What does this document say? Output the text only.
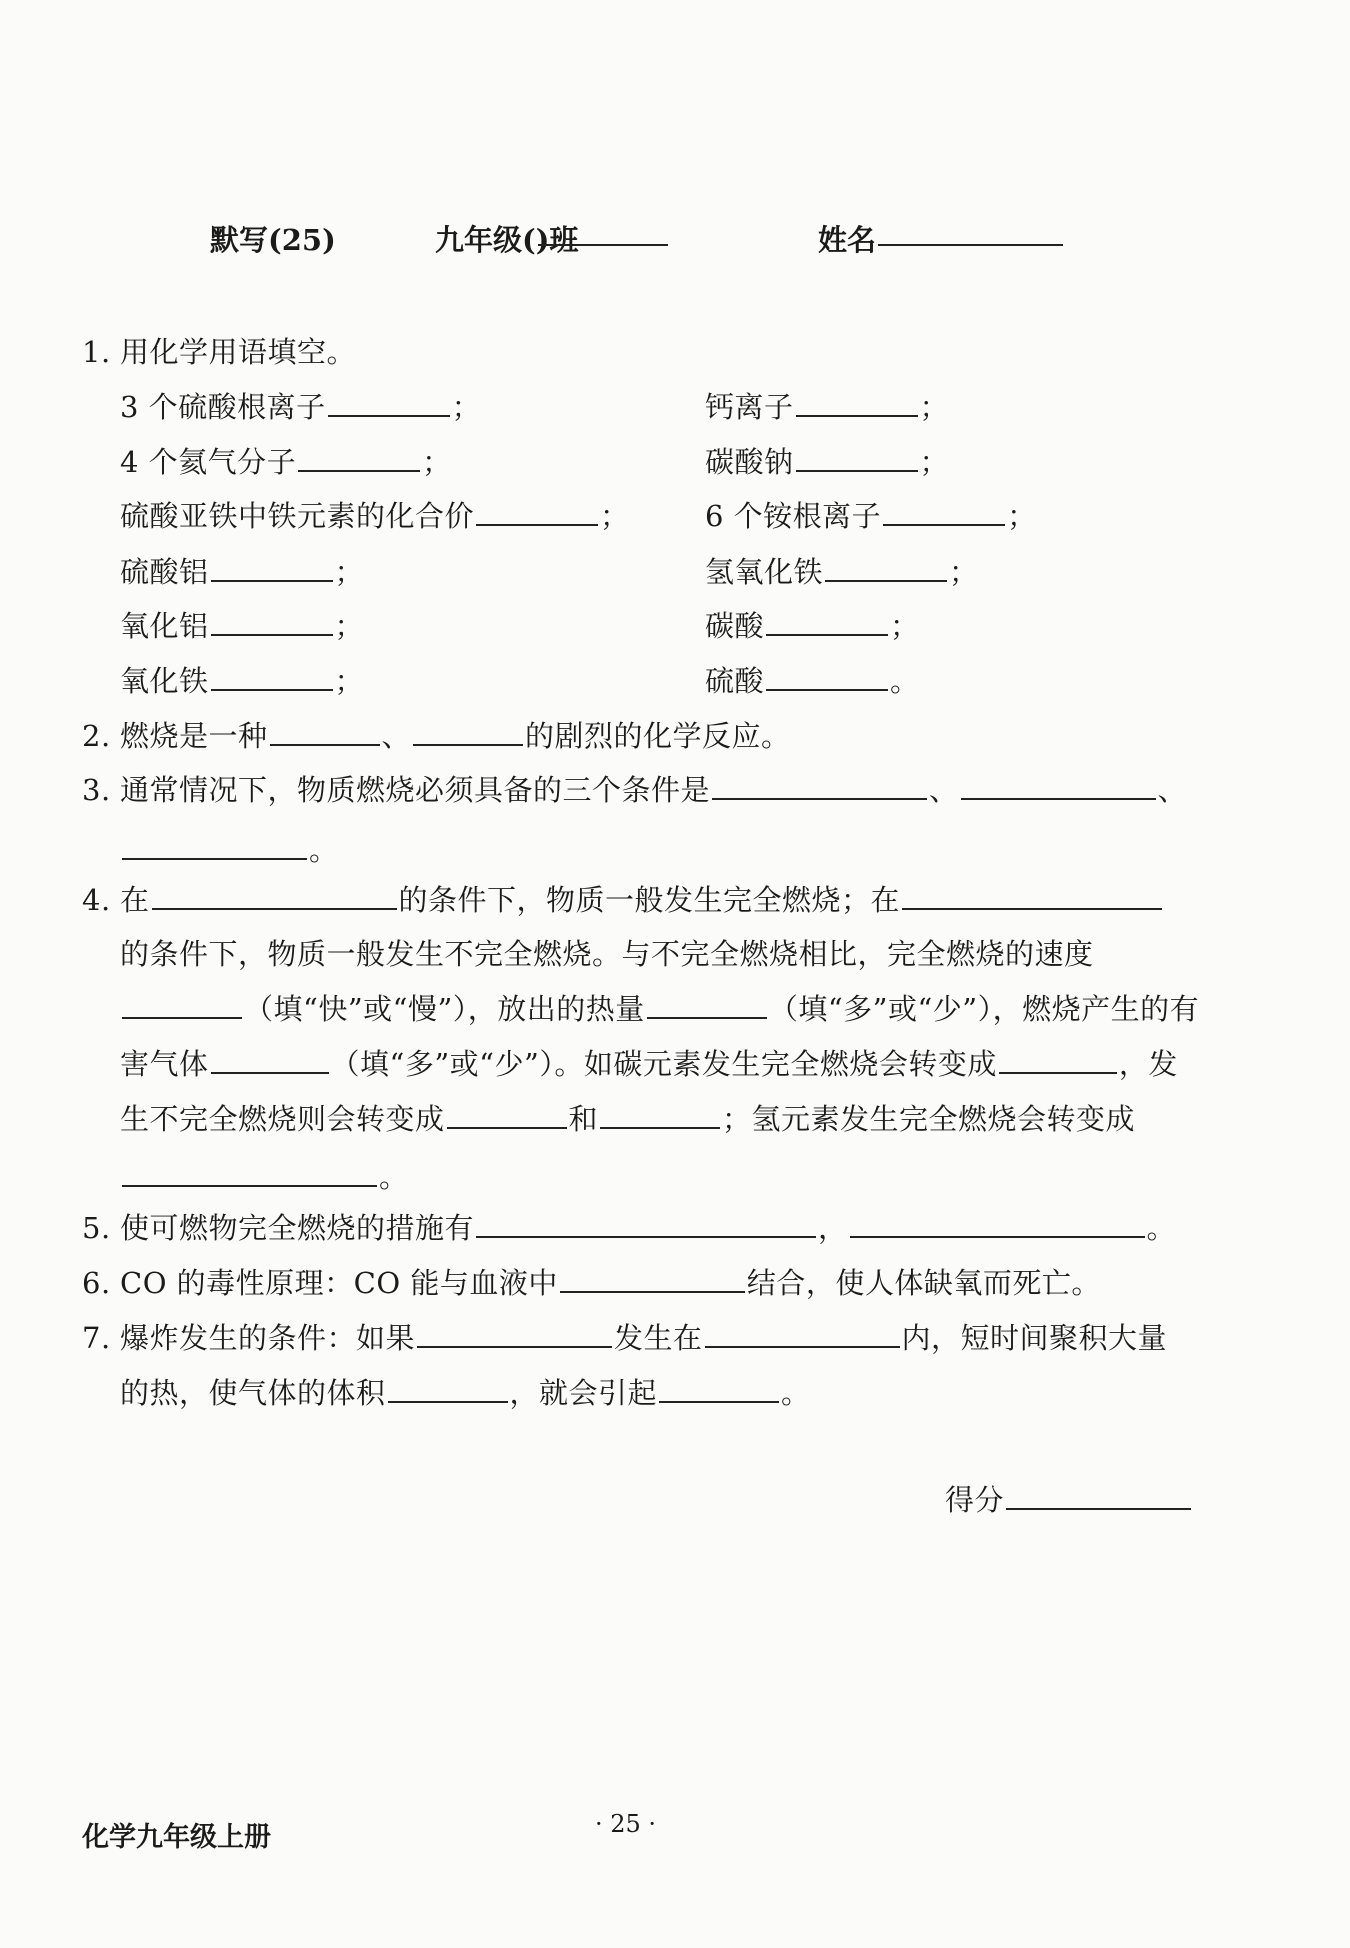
默写(25)	九年级(
)班	姓名
1. 用化学用语填空。
3 个硫酸根离子	；	钙离子	；
4 个氦气分子	；	碳酸钠	；
硫酸亚铁中铁元素的化合价	；	6 个铵根离子	；
硫酸铝	；	氢氧化铁	；
氧化铝	；	碳酸	；
氧化铁	；	硫酸	。
2. 燃烧是一种	、	的剧烈的化学反应。
3. 通常情况下，物质燃烧必须具备的三个条件是	、	、
。
4. 在	的条件下，物质一般发生完全燃烧；在
的条件下，物质一般发生不完全燃烧。与不完全燃烧相比，完全燃烧的速度
（填“快”或“慢”），放出的热量	（填“多”或“少”），燃烧产生的有
害气体	（填“多”或“少”）。如碳元素发生完全燃烧会转变成	，发
生不完全燃烧则会转变成	和	；氢元素发生完全燃烧会转变成
。
5. 使可燃物完全燃烧的措施有	，	。
6. CO 的毒性原理：CO 能与血液中	结合，使人体缺氧而死亡。
7. 爆炸发生的条件：如果	发生在	内，短时间聚积大量
的热，使气体的体积	，就会引起	。
得分
化学九年级上册	· 25 ·
